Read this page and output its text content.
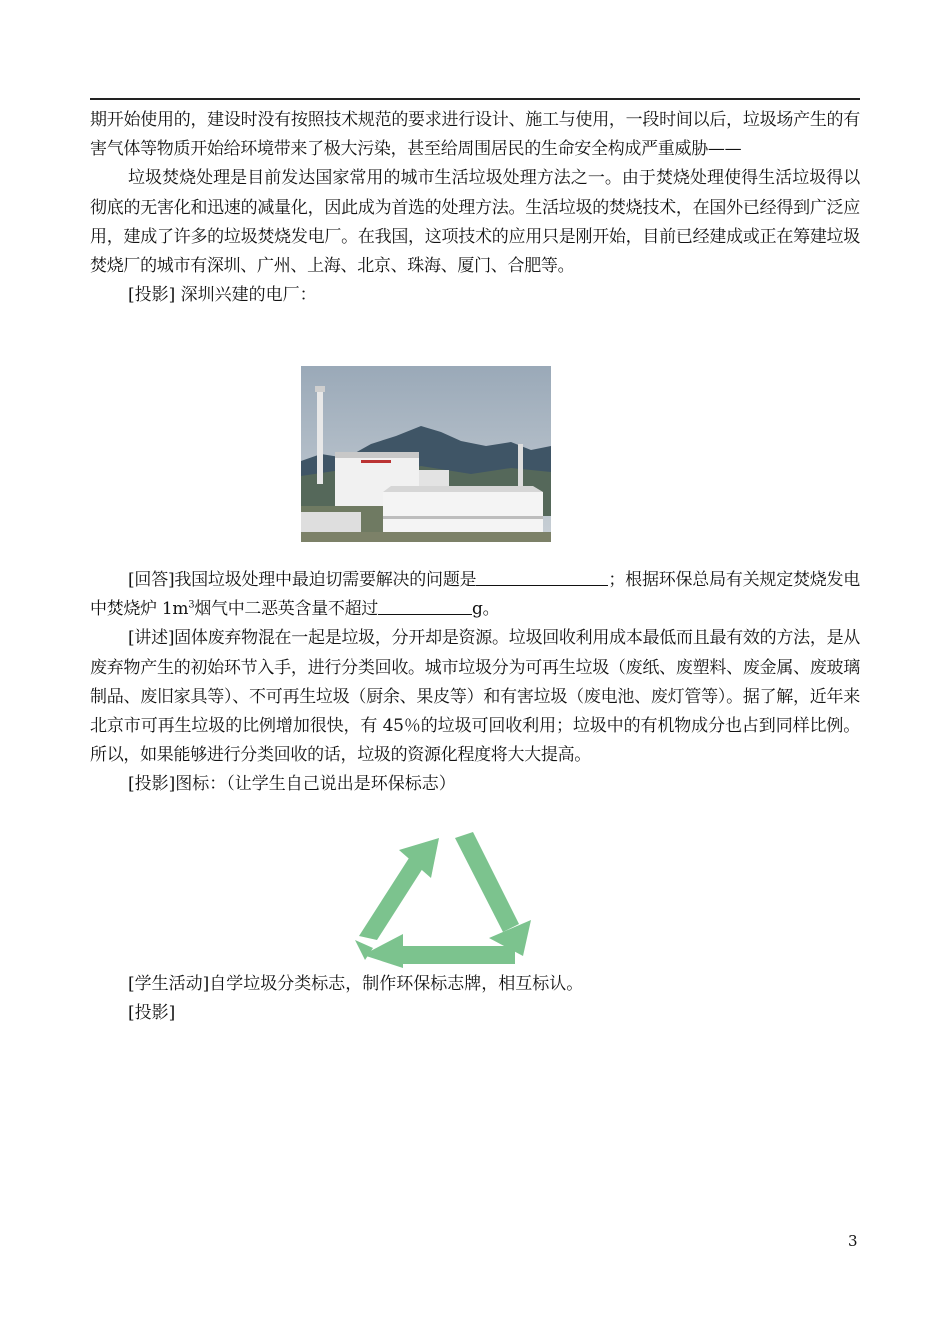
期开始使用的，建设时没有按照技术规范的要求进行设计、施工与使用，一段时间以后，垃圾场产生的有害气体等物质开始给环境带来了极大污染，甚至给周围居民的生命安全构成严重威胁——

垃圾焚烧处理是目前发达国家常用的城市生活垃圾处理方法之一。由于焚烧处理使得生活垃圾得以彻底的无害化和迅速的减量化，因此成为首选的处理方法。生活垃圾的焚烧技术，在国外已经得到广泛应用，建成了许多的垃圾焚烧发电厂。在我国，这项技术的应用只是刚开始，目前已经建成或正在筹建垃圾焚烧厂的城市有深圳、广州、上海、北京、珠海、厦门、合肥等。

[投影] 深圳兴建的电厂：

[回答]我国垃圾处理中最迫切需要解决的问题是	；根据环保总局有关规定焚烧发电中焚烧炉 $1m^3$烟气中二恶英含量不超过	g。

[讲述]固体废弃物混在一起是垃圾，分开却是资源。垃圾回收利用成本最低而且最有效的方法，是从废弃物产生的初始环节入手，进行分类回收。城市垃圾分为可再生垃圾（废纸、废塑料、废金属、废玻璃制品、废旧家具等）、不可再生垃圾（厨余、果皮等）和有害垃圾（废电池、废灯管等）。据了解，近年来北京市可再生垃圾的比例增加很快，有 45％的垃圾可回收利用；垃圾中的有机物成分也占到同样比例。所以，如果能够进行分类回收的话，垃圾的资源化程度将大大提高。

[投影]图标：（让学生自己说出是环保标志）

[学生活动]自学垃圾分类标志，制作环保标志牌，相互标认。

[投影]

3
